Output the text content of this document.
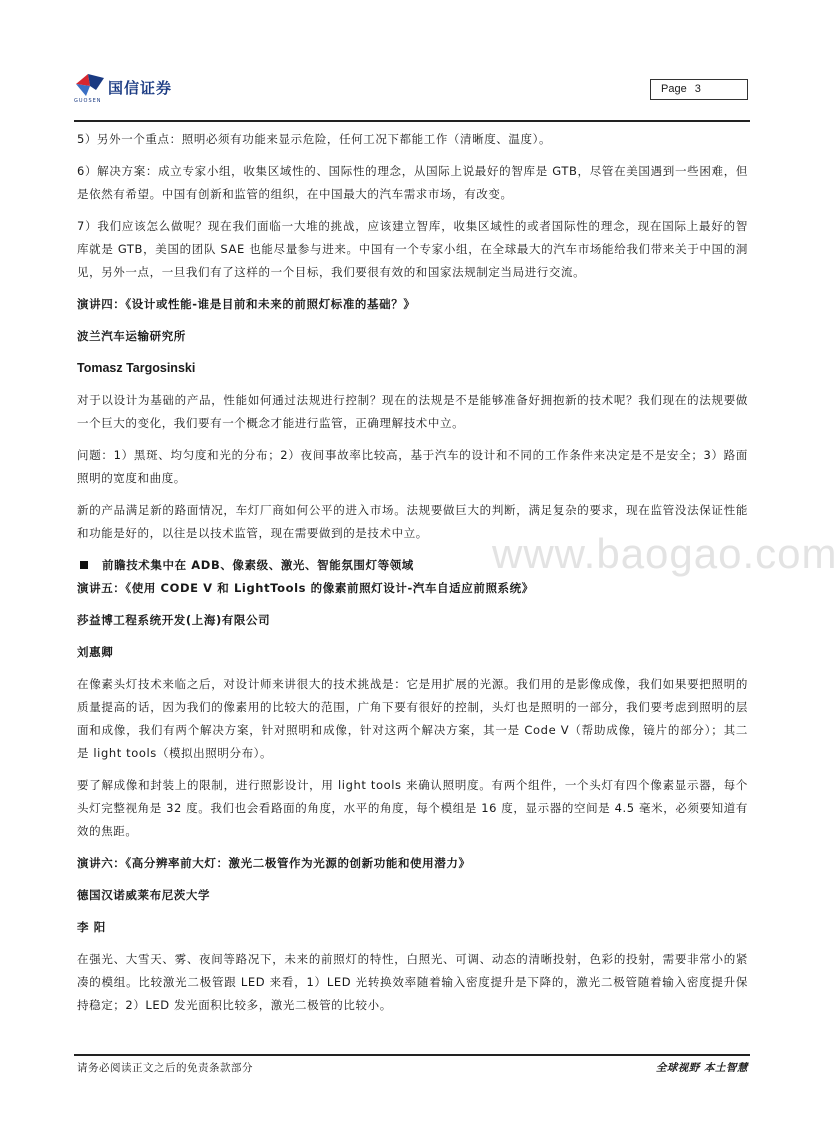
国信证券
GUOSEN
Page 3
www.baogao.com

5）另外一个重点：照明必须有功能来显示危险，任何工况下都能工作（清晰度、温度）。

6）解决方案：成立专家小组，收集区域性的、国际性的理念，从国际上说最好的智库是 GTB，尽管在美国遇到一些困难，但是依然有希望。中国有创新和监管的组织，在中国最大的汽车需求市场，有改变。

7）我们应该怎么做呢？现在我们面临一大堆的挑战，应该建立智库，收集区域性的或者国际性的理念，现在国际上最好的智库就是 GTB，美国的团队 SAE 也能尽量参与进来。中国有一个专家小组，在全球最大的汽车市场能给我们带来关于中国的洞见，另外一点，一旦我们有了这样的一个目标，我们要很有效的和国家法规制定当局进行交流。

演讲四：《设计或性能-谁是目前和未来的前照灯标准的基础？》

波兰汽车运输研究所

Tomasz Targosinski

对于以设计为基础的产品，性能如何通过法规进行控制？现在的法规是不是能够准备好拥抱新的技术呢？我们现在的法规要做一个巨大的变化，我们要有一个概念才能进行监管，正确理解技术中立。

问题：1）黑斑、均匀度和光的分布；2）夜间事故率比较高，基于汽车的设计和不同的工作条件来决定是不是安全；3）路面照明的宽度和曲度。

新的产品满足新的路面情况，车灯厂商如何公平的进入市场。法规要做巨大的判断，满足复杂的要求，现在监管没法保证性能和功能是好的，以往是以技术监管，现在需要做到的是技术中立。

前瞻技术集中在 ADB、像素级、激光、智能氛围灯等领域

演讲五：《使用 CODE V 和 LightTools 的像素前照灯设计-汽车自适应前照系统》

莎益博工程系统开发(上海)有限公司

刘惠卿

在像素头灯技术来临之后，对设计师来讲很大的技术挑战是：它是用扩展的光源。我们用的是影像成像，我们如果要把照明的质量提高的话，因为我们的像素用的比较大的范围，广角下要有很好的控制，头灯也是照明的一部分，我们要考虑到照明的层面和成像，我们有两个解决方案，针对照明和成像，针对这两个解决方案，其一是 Code V（帮助成像，镜片的部分）；其二是 light tools（模拟出照明分布）。

要了解成像和封装上的限制，进行照影设计，用 light tools 来确认照明度。有两个组件，一个头灯有四个像素显示器，每个头灯完整视角是 32 度。我们也会看路面的角度，水平的角度，每个模组是 16 度，显示器的空间是 4.5 毫米，必须要知道有效的焦距。

演讲六：《高分辨率前大灯：激光二极管作为光源的创新功能和使用潜力》

德国汉诺威莱布尼茨大学

李 阳

在强光、大雪天、雾、夜间等路况下，未来的前照灯的特性，白照光、可调、动态的清晰投射，色彩的投射，需要非常小的紧凑的模组。比较激光二极管跟 LED 来看，1）LED 光转换效率随着输入密度提升是下降的，激光二极管随着输入密度提升保持稳定；2）LED 发光面积比较多，激光二极管的比较小。

请务必阅读正文之后的免责条款部分	全球视野 本土智慧
